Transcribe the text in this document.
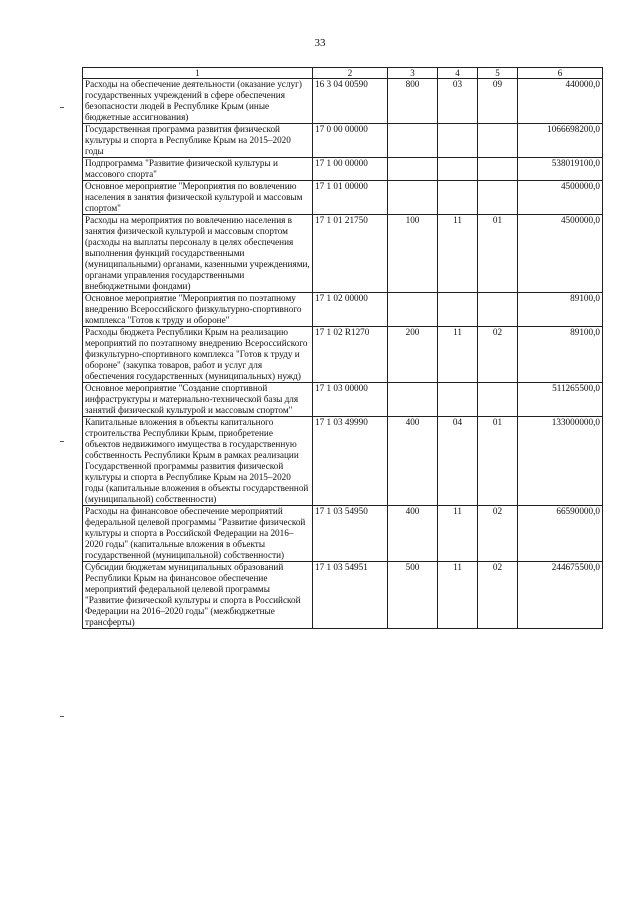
33
1	2	3	4	5	6
Расходы на обеспечение деятельности (оказание услуг) государственных учреждений в сфере обеспечения безопасности людей в Республике Крым (иные бюджетные ассигнования)	16 3 04 00590	800	03	09	440000,0
Государственная программа развития физической культуры и спорта в Республике Крым на 2015–2020 годы	17 0 00 00000				1066698200,0
Подпрограмма "Развитие физической культуры и массового спорта"	17 1 00 00000				538019100,0
Основное мероприятие "Мероприятия по вовлечению населения в занятия физической культурой и массовым спортом"	17 1 01 00000				4500000,0
Расходы на мероприятия по вовлечению населения в занятия физической культурой и массовым спортом (расходы на выплаты персоналу в целях обеспечения выполнения функций государственными (муниципальными) органами, казенными учреждениями, органами управления государственными внебюджетными фондами)	17 1 01 21750	100	11	01	4500000,0
Основное мероприятие "Мероприятия по поэтапному внедрению Всероссийского физкультурно-спортивного комплекса "Готов к труду и обороне"	17 1 02 00000				89100,0
Расходы бюджета Республики Крым на реализацию мероприятий по поэтапному внедрению Всероссийского физкультурно-спортивного комплекса "Готов к труду и обороне" (закупка товаров, работ и услуг для обеспечения государственных (муниципальных) нужд)	17 1 02 R1270	200	11	02	89100,0
Основное мероприятие "Создание спортивной инфраструктуры и материально-технической базы для занятий физической культурой и массовым спортом"	17 1 03 00000				511265500,0
Капитальные вложения в объекты капитального строительства Республики Крым, приобретение объектов недвижимого имущества в государственную собственность Республики Крым в рамках реализации Государственной программы развития физической культуры и спорта в Республике Крым на 2015–2020 годы (капитальные вложения в объекты государственной (муниципальной) собственности)	17 1 03 49990	400	04	01	133000000,0
Расходы на финансовое обеспечение мероприятий федеральной целевой программы "Развитие физической культуры и спорта в Российской Федерации на 2016–2020 годы" (капитальные вложения в объекты государственной (муниципальной) собственности)	17 1 03 54950	400	11	02	66590000,0
Субсидии бюджетам муниципальных образований Республики Крым на финансовое обеспечение мероприятий федеральной целевой программы "Развитие физической культуры и спорта в Российской Федерации на 2016–2020 годы" (межбюджетные трансферты)	17 1 03 54951	500	11	02	244675500,0
